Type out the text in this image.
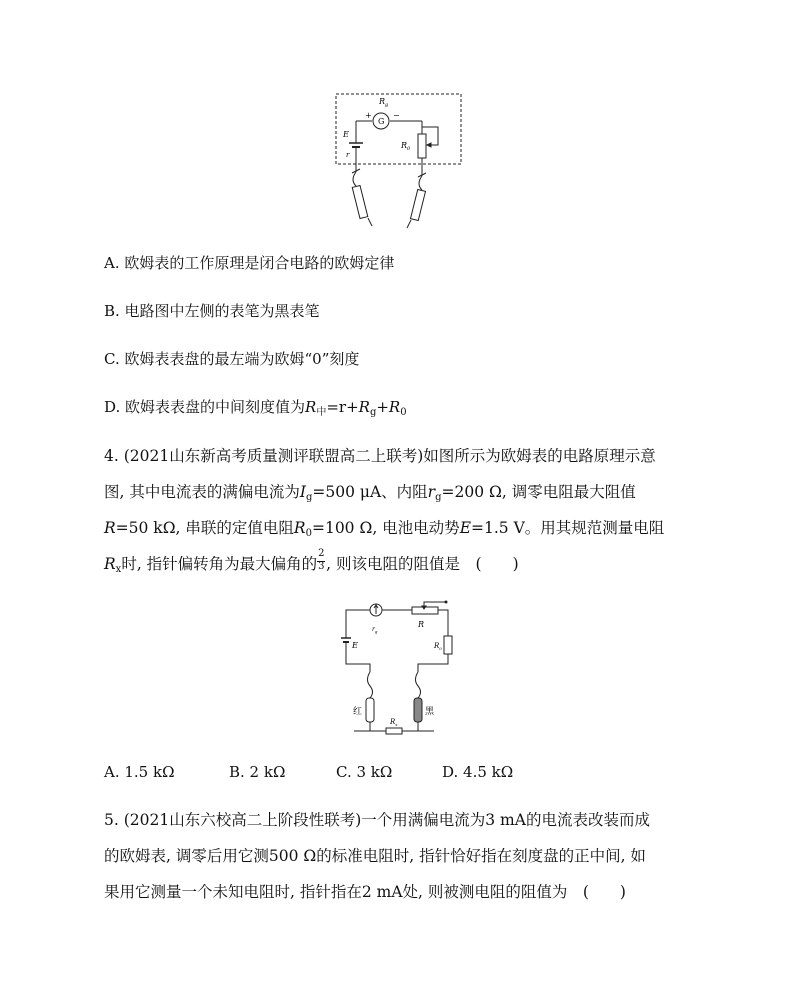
$R_g$
G
+	−
E
r
$R_0$
A. 欧姆表的工作原理是闭合电路的欧姆定律
B. 电路图中左侧的表笔为黑表笔
C. 欧姆表表盘的最左端为欧姆“0”刻度
D. 欧姆表表盘的中间刻度值为$R_中=r+R_g+R_0$
4. (2021山东新高考质量测评联盟高二上联考)如图所示为欧姆表的电路原理示意
图, 其中电流表的满偏电流为$I_g=500$ μA、内阻$r_g=200$ Ω, 调零电阻最大阻值
R=50 kΩ, 串联的定值电阻$R_0=100$ Ω, 电池电动势E=1.5 V。用其规范测量电阻
$R_x$时, 指针偏转角为最大偏角的 $\frac{2}{3}$ , 则该电阻的阻值是　(　　)
$r_g$
R
$R_0$
E
红	黑
$R_x$
A. 1.5 kΩ	B. 2 kΩ	C. 3 kΩ	D. 4.5 kΩ
5. (2021山东六校高二上阶段性联考)一个用满偏电流为3 mA的电流表改装而成
的欧姆表, 调零后用它测500 Ω的标准电阻时, 指针恰好指在刻度盘的正中间, 如
果用它测量一个未知电阻时, 指针指在2 mA处, 则被测电阻的阻值为　(　　)
